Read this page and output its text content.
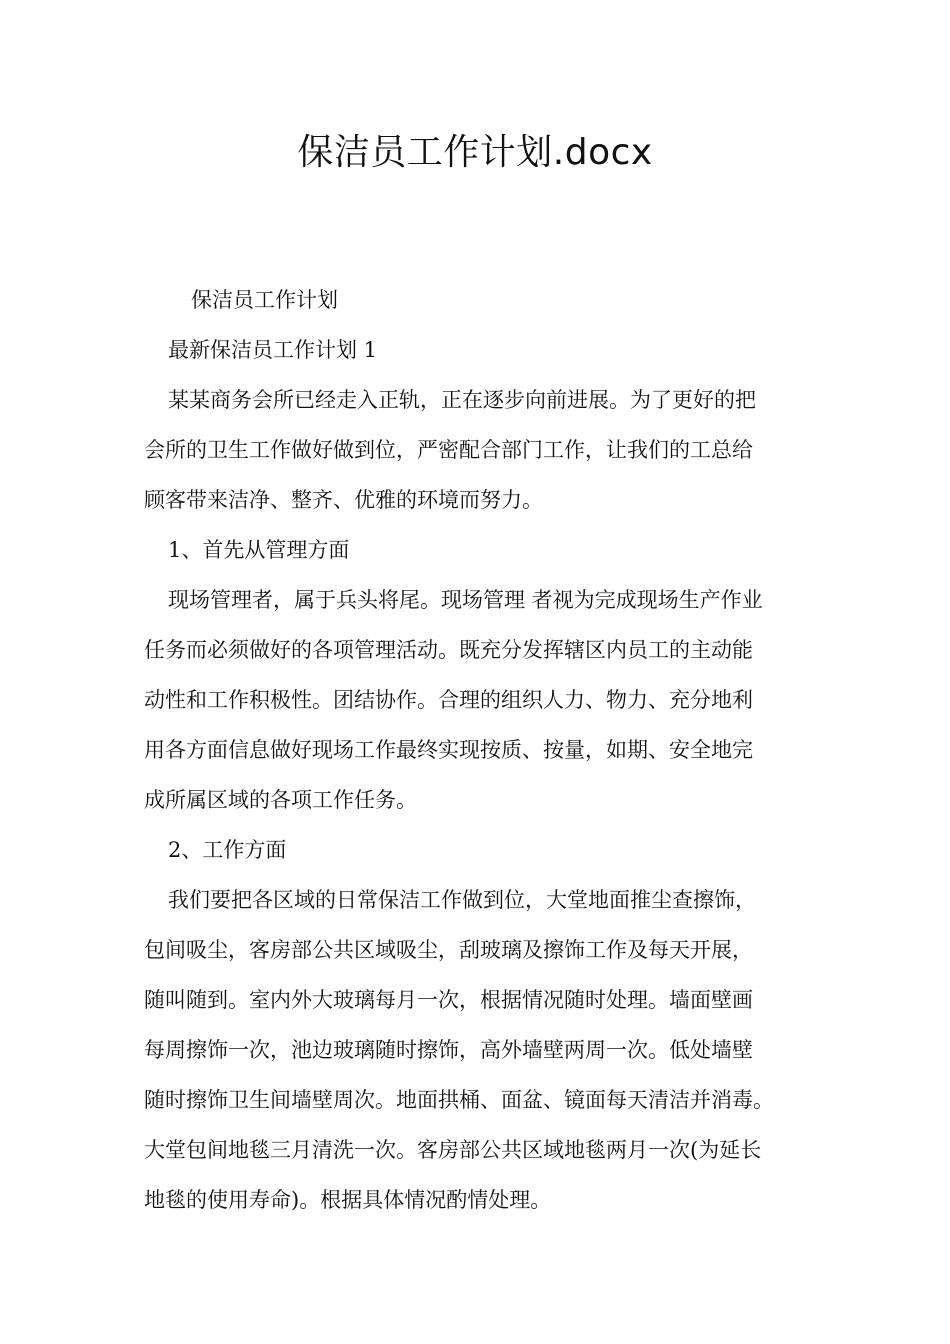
保洁员工作计划.docx

保洁员工作计划

最新保洁员工作计划 1

某某商务会所已经走入正轨，正在逐步向前进展。为了更好的把

会所的卫生工作做好做到位，严密配合部门工作，让我们的工总给

顾客带来洁净、整齐、优雅的环境而努力。

1、首先从管理方面

现场管理者，属于兵头将尾。现场管理 者视为完成现场生产作业

任务而必须做好的各项管理活动。既充分发挥辖区内员工的主动能

动性和工作积极性。团结协作。合理的组织人力、物力、充分地利

用各方面信息做好现场工作最终实现按质、按量，如期、安全地完

成所属区域的各项工作任务。

2、工作方面

我们要把各区域的日常保洁工作做到位，大堂地面推尘查擦饰，

包间吸尘，客房部公共区域吸尘，刮玻璃及擦饰工作及每天开展，

随叫随到。室内外大玻璃每月一次，根据情况随时处理。墙面壁画

每周擦饰一次，池边玻璃随时擦饰，高外墙壁两周一次。低处墙壁

随时擦饰卫生间墙壁周次。地面拱桶、面盆、镜面每天清洁并消毒。

大堂包间地毯三月清洗一次。客房部公共区域地毯两月一次(为延长

地毯的使用寿命)。根据具体情况酌情处理。
